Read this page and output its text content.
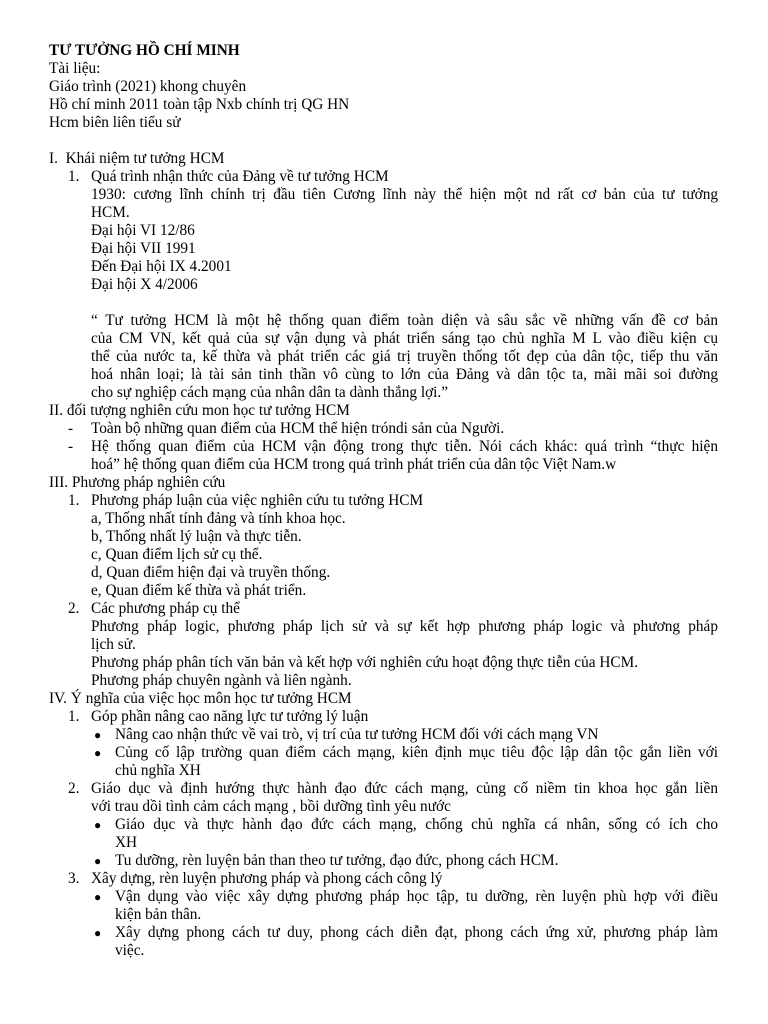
TƯ TƯỞNG HỒ CHÍ MINH
Tài liệu:
Giáo trình (2021) khong chuyên
Hồ chí minh 2011 toàn tập Nxb chính trị QG HN
Hcm biên liên tiểu sử
I.  Khái niệm tư tưởng HCM
1. Quá trình nhận thức của Đảng về tư tưởng HCM
1930: cương lĩnh chính trị đầu tiên Cương lĩnh này thể hiện một nd rất cơ bản của tư tưởng
HCM.
Đại hội VI 12/86
Đại hội VII 1991
Đến Đại hội IX 4.2001
Đại hội X 4/2006
“ Tư tưởng HCM là một hệ thống quan điểm toàn diện và sâu sắc về những vấn đề cơ bản
của CM VN, kết quả của sự vận dụng và phát triển sáng tạo chủ nghĩa M L vào điều kiện cụ
thể của nước ta, kế thừa và phát triển các giá trị truyền thống tốt đẹp của dân tộc, tiếp thu văn
hoá nhân loại; là tài sản tinh thần vô cùng to lớn của Đảng và dân tộc ta, mãi mãi soi đường
cho sự nghiệp cách mạng của nhân dân ta dành thắng lợi.”
II. đối tượng nghiên cứu mon học tư tưởng HCM
- Toàn bộ những quan điểm của HCM thể hiện tróndi sản của Người.
- Hệ thống quan điểm của HCM vận động trong thực tiễn. Nói cách khác: quá trình “thực hiện
hoá” hệ thống quan điểm của HCM trong quá trình phát triển của dân tộc Việt Nam.w
III. Phương pháp nghiên cứu
1. Phương pháp luận của việc nghiên cứu tu tưởng HCM
a, Thống nhất tính đảng và tính khoa học.
b, Thống nhất lý luận và thực tiễn.
c, Quan điểm lịch sử cụ thể.
d, Quan điểm hiện đại và truyền thống.
e, Quan điểm kế thừa và phát triển.
2. Các phương pháp cụ thể
Phương pháp logic, phương pháp lịch sử và sự kết hợp phương pháp logic và phương pháp
lịch sử.
Phương pháp phân tích văn bản và kết hợp với nghiên cứu hoạt động thực tiễn của HCM.
Phương pháp chuyên ngành và liên ngành.
IV. Ý nghĩa của việc học môn học tư tưởng HCM
1. Góp phần nâng cao năng lực tư tưởng lý luận
● Nâng cao nhận thức về vai trò, vị trí của tư tưởng HCM đối với cách mạng VN
● Củng cố lập trường quan điểm cách mạng, kiên định mục tiêu độc lập dân tộc gắn liền với
chủ nghĩa XH
2. Giáo dục và định hướng thực hành đạo đức cách mạng, củng cố niềm tin khoa học gắn liền
với trau dồi tình cảm cách mạng , bồi dưỡng tình yêu nước
● Giáo dục và thực hành đạo đức cách mạng, chống chủ nghĩa cá nhân, sống có ích cho
XH
● Tu dưỡng, rèn luyện bản than theo tư tưởng, đạo đức, phong cách HCM.
3. Xây dựng, rèn luyện phương pháp và phong cách công lý
● Vận dụng vào việc xây dựng phương pháp học tập, tu dưỡng, rèn luyện phù hợp với điều
kiện bản thân.
● Xây dựng phong cách tư duy, phong cách diễn đạt, phong cách ứng xử, phương pháp làm
việc.
